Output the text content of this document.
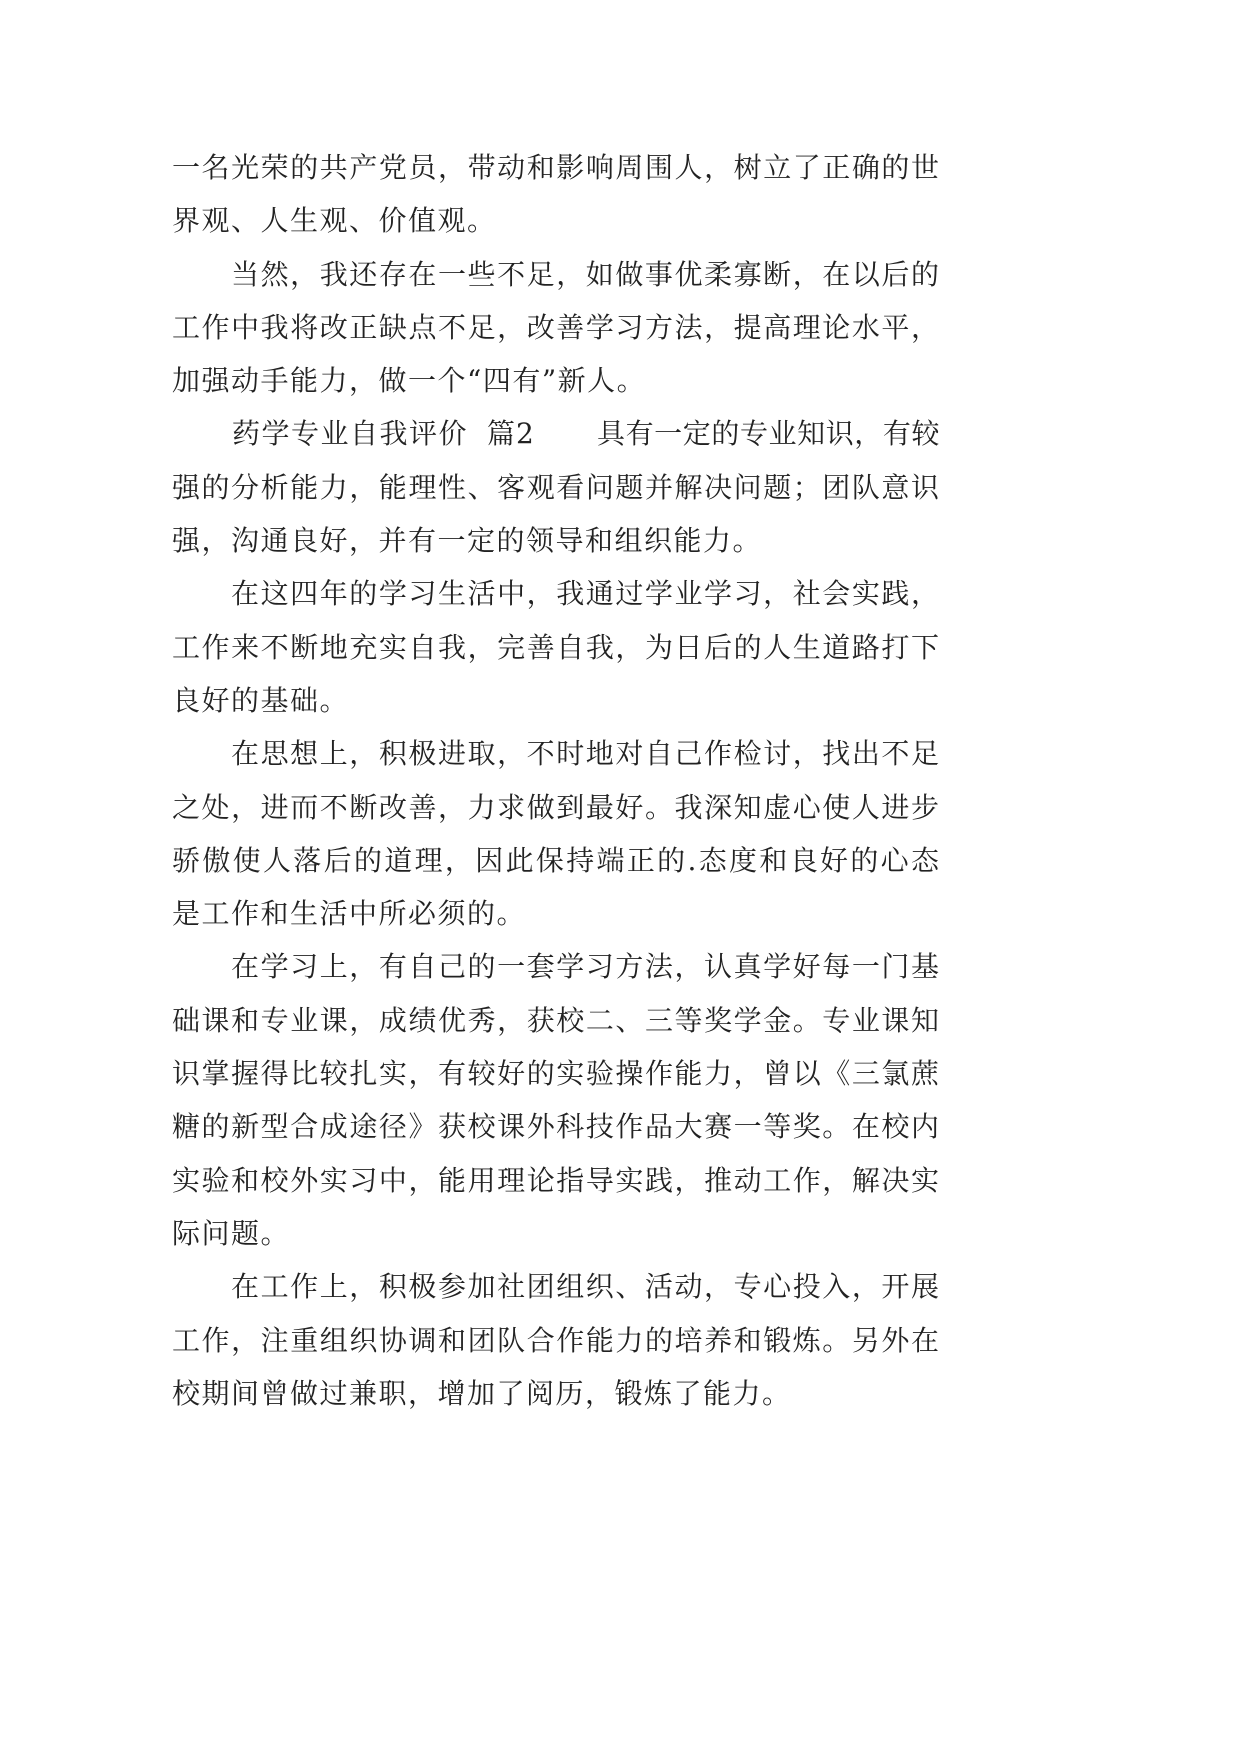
一名光荣的共产党员，带动和影响周围人，树立了正确的世
界观、人生观、价值观。
当然，我还存在一些不足，如做事优柔寡断，在以后的
工作中我将改正缺点不足，改善学习方法，提高理论水平，
加强动手能力，做一个“四有”新人。
药学专业自我评价 篇2 具有一定的专业知识，有较
强的分析能力，能理性、客观看问题并解决问题；团队意识
强，沟通良好，并有一定的领导和组织能力。
在这四年的学习生活中，我通过学业学习，社会实践，
工作来不断地充实自我，完善自我，为日后的人生道路打下
良好的基础。
在思想上，积极进取，不时地对自己作检讨，找出不足
之处，进而不断改善，力求做到最好。我深知虚心使人进步
骄傲使人落后的道理，因此保持端正的.态度和良好的心态
是工作和生活中所必须的。
在学习上，有自己的一套学习方法，认真学好每一门基
础课和专业课，成绩优秀，获校二、三等奖学金。专业课知
识掌握得比较扎实，有较好的实验操作能力，曾以《三氯蔗
糖的新型合成途径》获校课外科技作品大赛一等奖。在校内
实验和校外实习中，能用理论指导实践，推动工作，解决实
际问题。
在工作上，积极参加社团组织、活动，专心投入，开展
工作，注重组织协调和团队合作能力的培养和锻炼。另外在
校期间曾做过兼职，增加了阅历，锻炼了能力。
